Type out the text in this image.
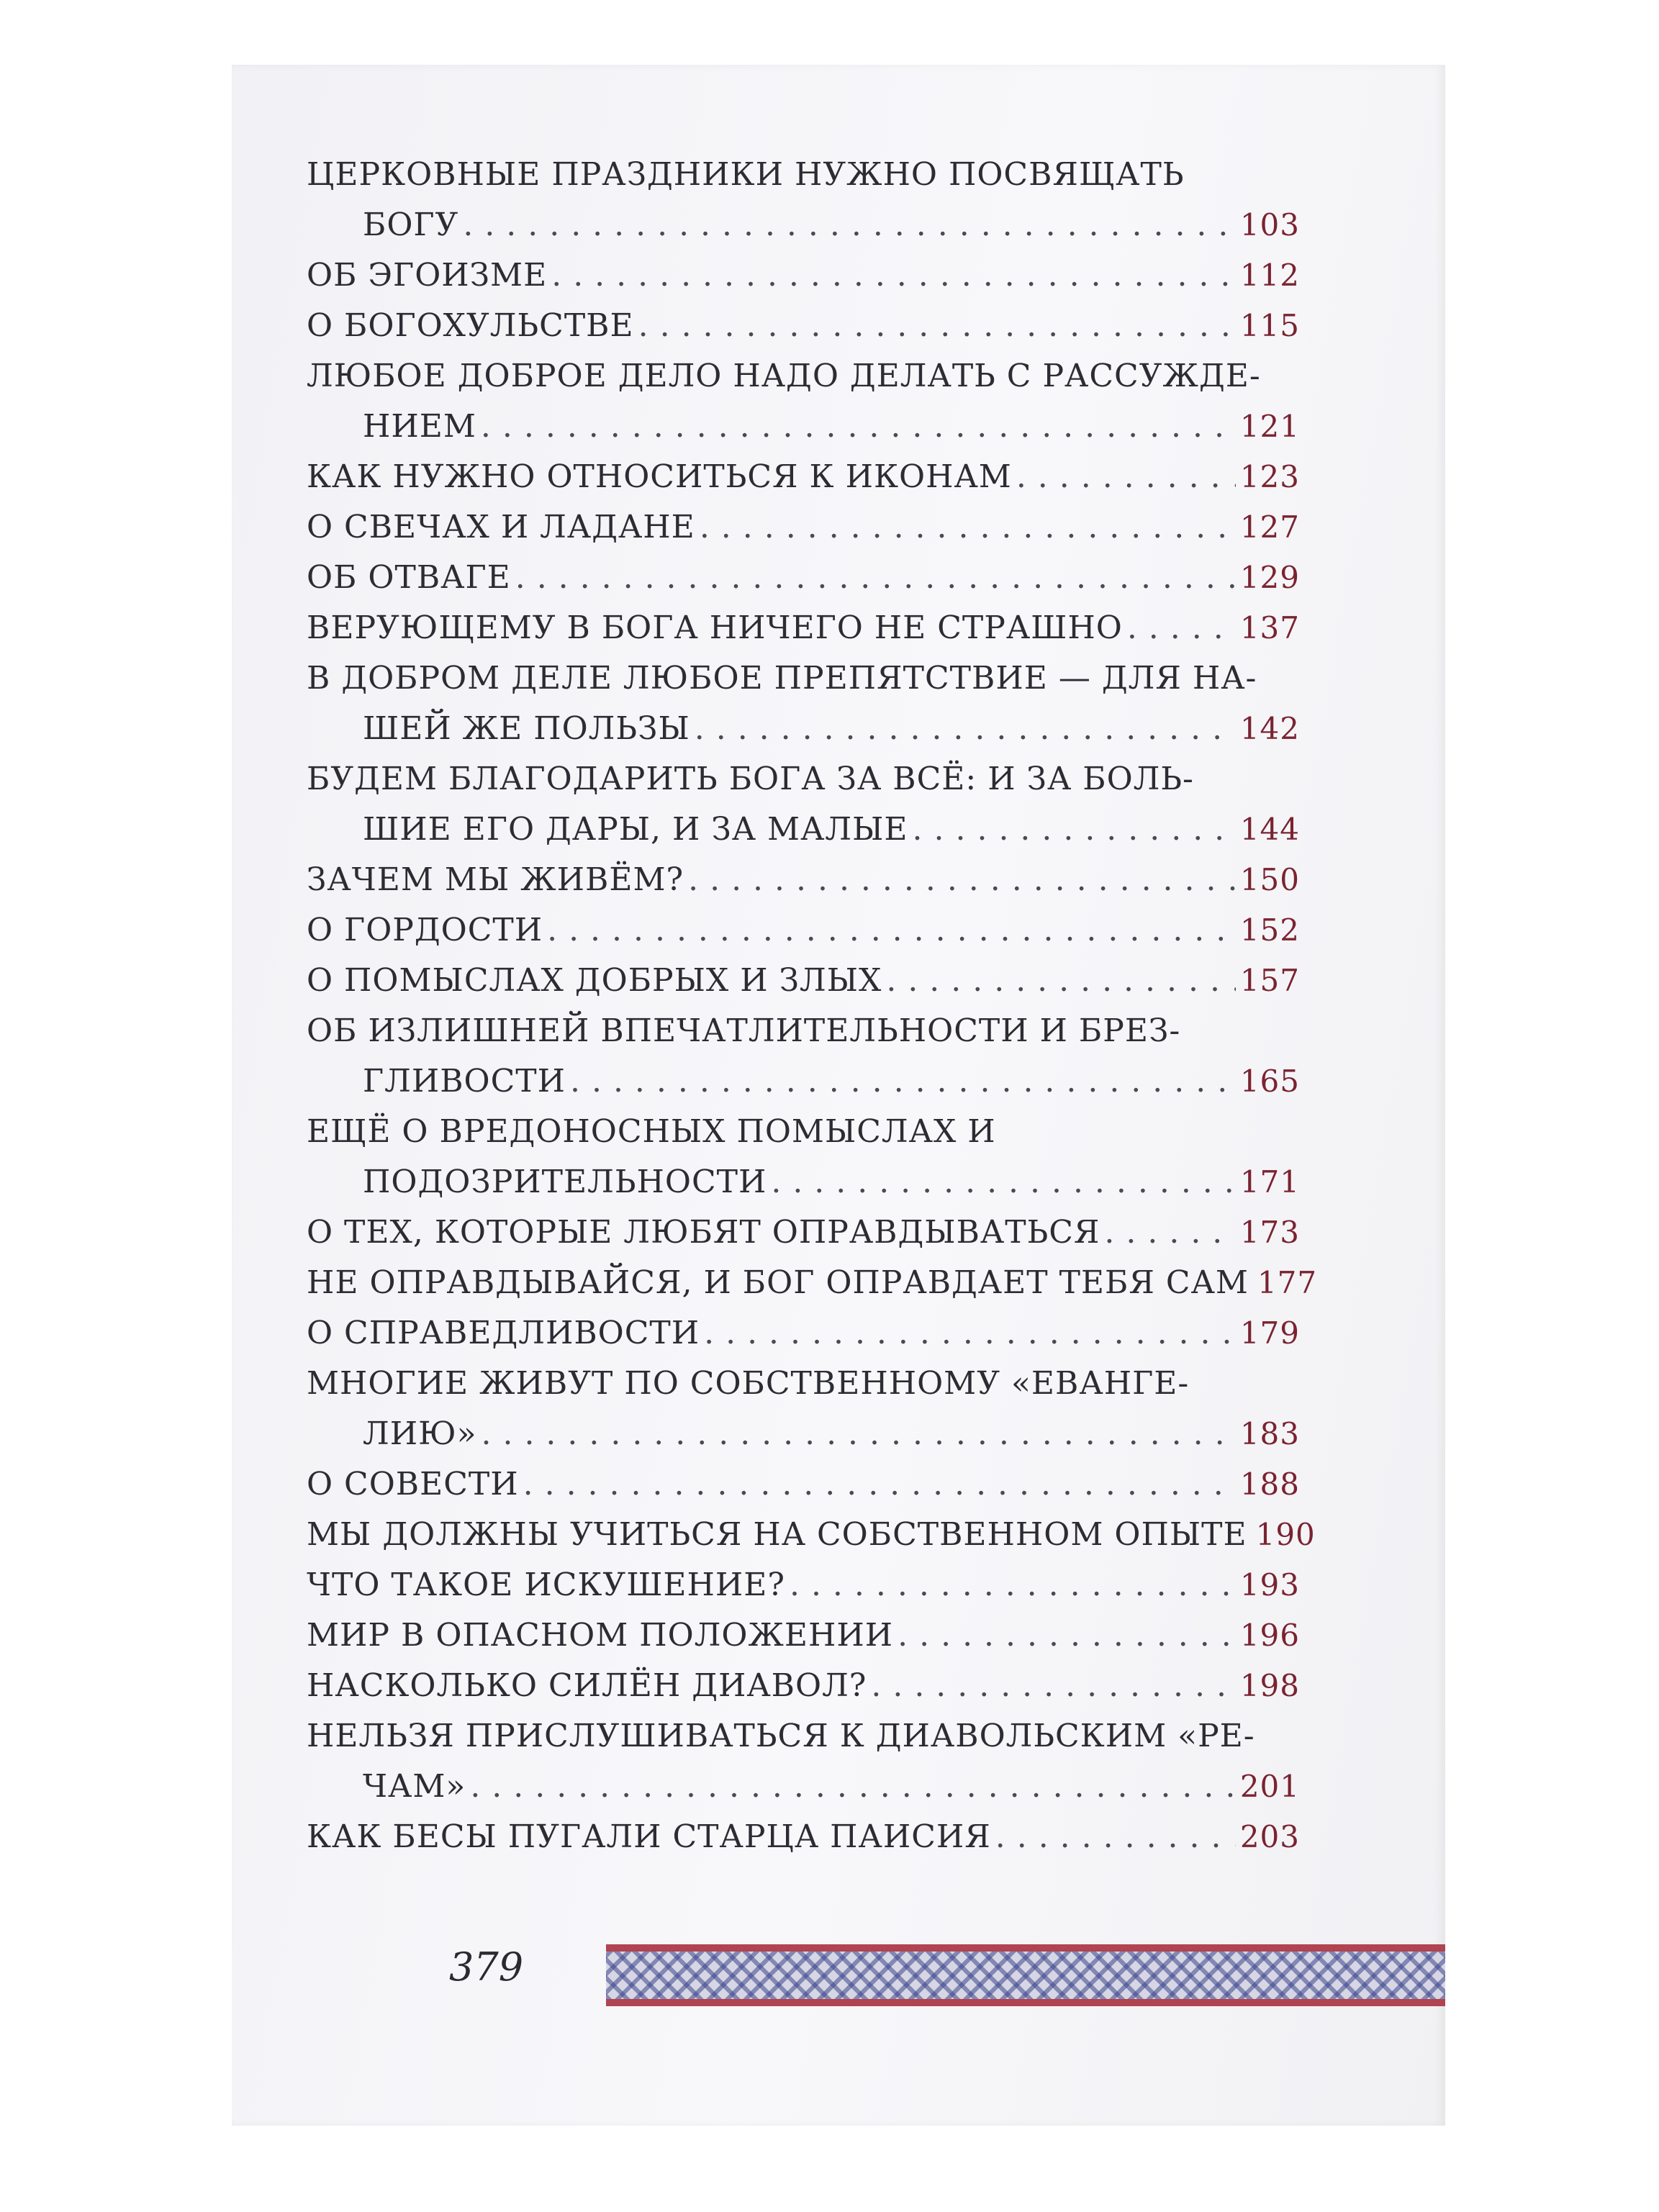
ЦЕРКОВНЫЕ ПРАЗДНИКИ НУЖНО ПОСВЯЩАТЬ
БОГУ . . .	103
ОБ ЭГОИЗМЕ . . .	112
О БОГОХУЛЬСТВЕ . . .	115
ЛЮБОЕ ДОБРОЕ ДЕЛО НАДО ДЕЛАТЬ С РАССУЖДЕ-
НИЕМ . . .	121
КАК НУЖНО ОТНОСИТЬСЯ К ИКОНАМ . . .	123
О СВЕЧАХ И ЛАДАНЕ . . .	127
ОБ ОТВАГЕ . . .	129
ВЕРУЮЩЕМУ В БОГА НИЧЕГО НЕ СТРАШНО . . .	137
В ДОБРОМ ДЕЛЕ ЛЮБОЕ ПРЕПЯТСТВИЕ — ДЛЯ НА-
ШЕЙ ЖЕ ПОЛЬЗЫ . . .	142
БУДЕМ БЛАГОДАРИТЬ БОГА ЗА ВСЁ: И ЗА БОЛЬ-
ШИЕ ЕГО ДАРЫ, И ЗА МАЛЫЕ . . .	144
ЗАЧЕМ МЫ ЖИВЁМ? . . .	150
О ГОРДОСТИ . . .	152
О ПОМЫСЛАХ ДОБРЫХ И ЗЛЫХ . . .	157
ОБ ИЗЛИШНЕЙ ВПЕЧАТЛИТЕЛЬНОСТИ И БРЕЗ-
ГЛИВОСТИ . . .	165
ЕЩЁ О ВРЕДОНОСНЫХ ПОМЫСЛАХ И
ПОДОЗРИТЕЛЬНОСТИ . . .	171
О ТЕХ, КОТОРЫЕ ЛЮБЯТ ОПРАВДЫВАТЬСЯ . . .	173
НЕ ОПРАВДЫВАЙСЯ, И БОГ ОПРАВДАЕТ ТЕБЯ САМ 177
О СПРАВЕДЛИВОСТИ . . .	179
МНОГИЕ ЖИВУТ ПО СОБСТВЕННОМУ «ЕВАНГЕ-
ЛИЮ» . . .	183
О СОВЕСТИ . . .	188
МЫ ДОЛЖНЫ УЧИТЬСЯ НА СОБСТВЕННОМ ОПЫТЕ 190
ЧТО ТАКОЕ ИСКУШЕНИЕ? . . .	193
МИР В ОПАСНОМ ПОЛОЖЕНИИ . . .	196
НАСКОЛЬКО СИЛЁН ДИАВОЛ? . . .	198
НЕЛЬЗЯ ПРИСЛУШИВАТЬСЯ К ДИАВОЛЬСКИМ «РЕ-
ЧАМ» . . .	201
КАК БЕСЫ ПУГАЛИ СТАРЦА ПАИСИЯ . . .	203
379
